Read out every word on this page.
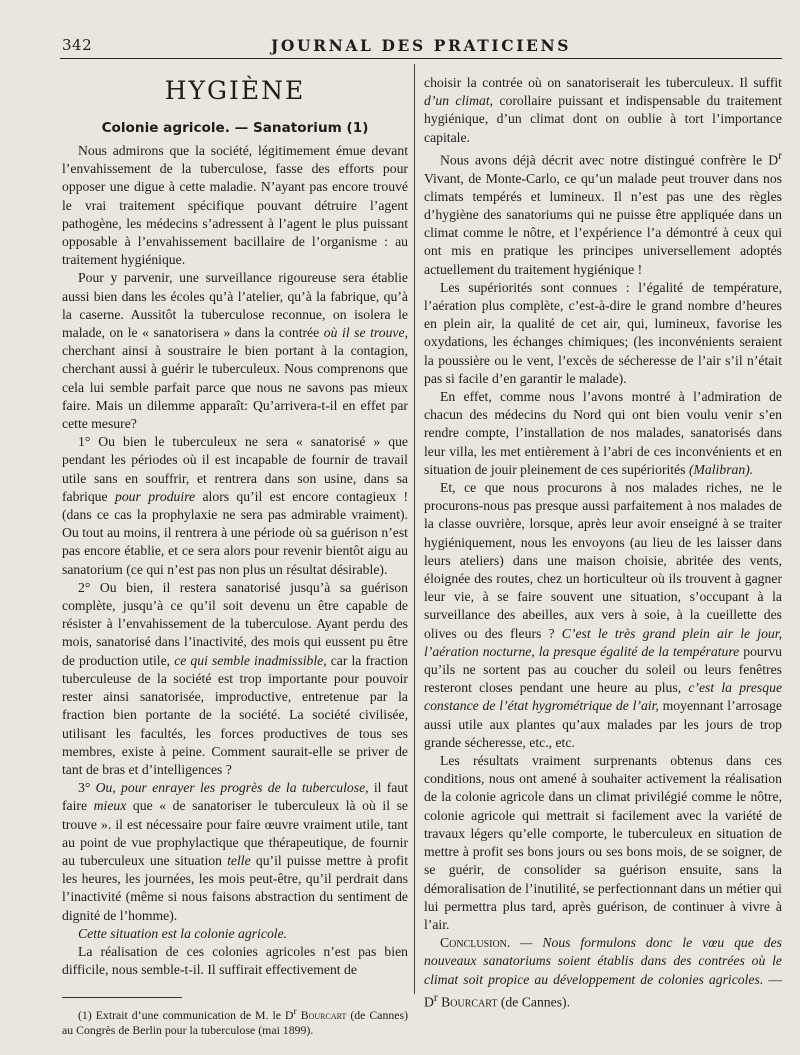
342	JOURNAL DES PRATICIENS
HYGIÈNE
Colonie agricole. — Sanatorium (1)

Nous admirons que la société, légitimement émue devant l’envahissement de la tuberculose, fasse des efforts pour opposer une digue à cette maladie. N’ayant pas encore trouvé le vrai traitement spécifique pouvant détruire l’agent pathogène, les médecins s’adressent à l’agent le plus puissant opposable à l’envahissement bacillaire de l’organisme : au traitement hygiénique.

Pour y parvenir, une surveillance rigoureuse sera établie aussi bien dans les écoles qu’à l’atelier, qu’à la fabrique, qu’à la caserne. Aussitôt la tuberculose reconnue, on isolera le malade, on le « sanatorisera » dans la contrée où il se trouve, cherchant ainsi à soustraire le bien portant à la contagion, cherchant aussi à guérir le tuberculeux. Nous comprenons que cela lui semble parfait parce que nous ne savons pas mieux faire. Mais un dilemme apparaît: Qu’arrivera-t-il en effet par cette mesure?

1° Ou bien le tuberculeux ne sera « sanatorisé » que pendant les périodes où il est incapable de fournir de travail utile sans en souffrir, et rentrera dans son usine, dans sa fabrique pour produire alors qu’il est encore contagieux ! (dans ce cas la prophylaxie ne sera pas admirable vraiment). Ou tout au moins, il rentrera à une période où sa guérison n’est pas encore établie, et ce sera alors pour revenir bientôt aigu au sanatorium (ce qui n’est pas non plus un résultat désirable).

2° Ou bien, il restera sanatorisé jusqu’à sa guérison complète, jusqu’à ce qu’il soit devenu un être capable de résister à l’envahissement de la tuberculose. Ayant perdu des mois, sanatorisé dans l’inactivité, des mois qui eussent pu être de production utile, ce qui semble inadmissible, car la fraction tuberculeuse de la société est trop importante pour pouvoir rester ainsi sanatorisée, improductive, entretenue par la fraction bien portante de la société. La société civilisée, utilisant les facultés, les forces productives de tous ses membres, existe à peine. Comment saurait-elle se priver de tant de bras et d’intelligences ?

3° Ou, pour enrayer les progrès de la tuberculose, il faut faire mieux que « de sanatoriser le tuberculeux là où il se trouve ». il est nécessaire pour faire œuvre vraiment utile, tant au point de vue prophylactique que thérapeutique, de fournir au tuberculeux une situation telle qu’il puisse mettre à profit les heures, les journées, les mois peut-être, qu’il perdrait dans l’inactivité (même si nous faisons abstraction du sentiment de dignité de l’homme).

Cette situation est la colonie agricole.

La réalisation de ces colonies agricoles n’est pas bien difficile, nous semble-t-il. Il suffirait effectivement de

(1) Extrait d’une communication de M. le $D^r$ Bourcart (de Cannes) au Congrès de Berlin pour la tuberculose (mai 1899).

choisir la contrée où on sanatoriserait les tuberculeux. Il suffit d’un climat, corollaire puissant et indispensable du traitement hygiénique, d’un climat dont on oublie à tort l’importance capitale.

Nous avons déjà décrit avec notre distingué confrère le $D^r$ Vivant, de Monte-Carlo, ce qu’un malade peut trouver dans nos climats tempérés et lumineux. Il n’est pas une des règles d’hygiène des sanatoriums qui ne puisse être appliquée dans un climat comme le nôtre, et l’expérience l’a démontré à ceux qui ont mis en pratique les principes universellement adoptés actuellement du traitement hygiénique !

Les supériorités sont connues : l’égalité de température, l’aération plus complète, c’est-à-dire le grand nombre d’heures en plein air, la qualité de cet air, qui, lumineux, favorise les oxydations, les échanges chimiques; (les inconvénients seraient la poussière ou le vent, l’excès de sécheresse de l’air s’il n’était pas si facile d’en garantir le malade).

En effet, comme nous l’avons montré à l’admiration de chacun des médecins du Nord qui ont bien voulu venir s’en rendre compte, l’installation de nos malades, sanatorisés dans leur villa, les met entièrement à l’abri de ces inconvénients et en situation de jouir pleinement de ces supériorités (Malibran).

Et, ce que nous procurons à nos malades riches, ne le procurons-nous pas presque aussi parfaitement à nos malades de la classe ouvrière, lorsque, après leur avoir enseigné à se traiter hygiéniquement, nous les envoyons (au lieu de les laisser dans leurs ateliers) dans une maison choisie, abritée des vents, éloignée des routes, chez un horticulteur où ils trouvent à gagner leur vie, à se faire souvent une situation, s’occupant à la surveillance des abeilles, aux vers à soie, à la cueillette des olives ou des fleurs ? C’est le très grand plein air le jour, l’aération nocturne, la presque égalité de la température pourvu qu’ils ne sortent pas au coucher du soleil ou leurs fenêtres resteront closes pendant une heure au plus, c’est la presque constance de l’état hygrométrique de l’air, moyennant l’arrosage aussi utile aux plantes qu’aux malades par les jours de trop grande sécheresse, etc., etc.

Les résultats vraiment surprenants obtenus dans ces conditions, nous ont amené à souhaiter activement la réalisation de la colonie agricole dans un climat privilégié comme le nôtre, colonie agricole qui mettrait si facilement avec la variété de travaux légers qu’elle comporte, le tuberculeux en situation de mettre à profit ses bons jours ou ses bons mois, de se soigner, de se guérir, de consolider sa guérison ensuite, sans la démoralisation de l’inutilité, se perfectionnant dans un métier qui lui permettra plus tard, après guérison, de continuer à vivre à l’air.

Conclusion. — Nous formulons donc le vœu que des nouveaux sanatoriums soient établis dans des contrées où le climat soit propice au développement de colonies agricoles. — $D^r$ Bourcart (de Cannes).
